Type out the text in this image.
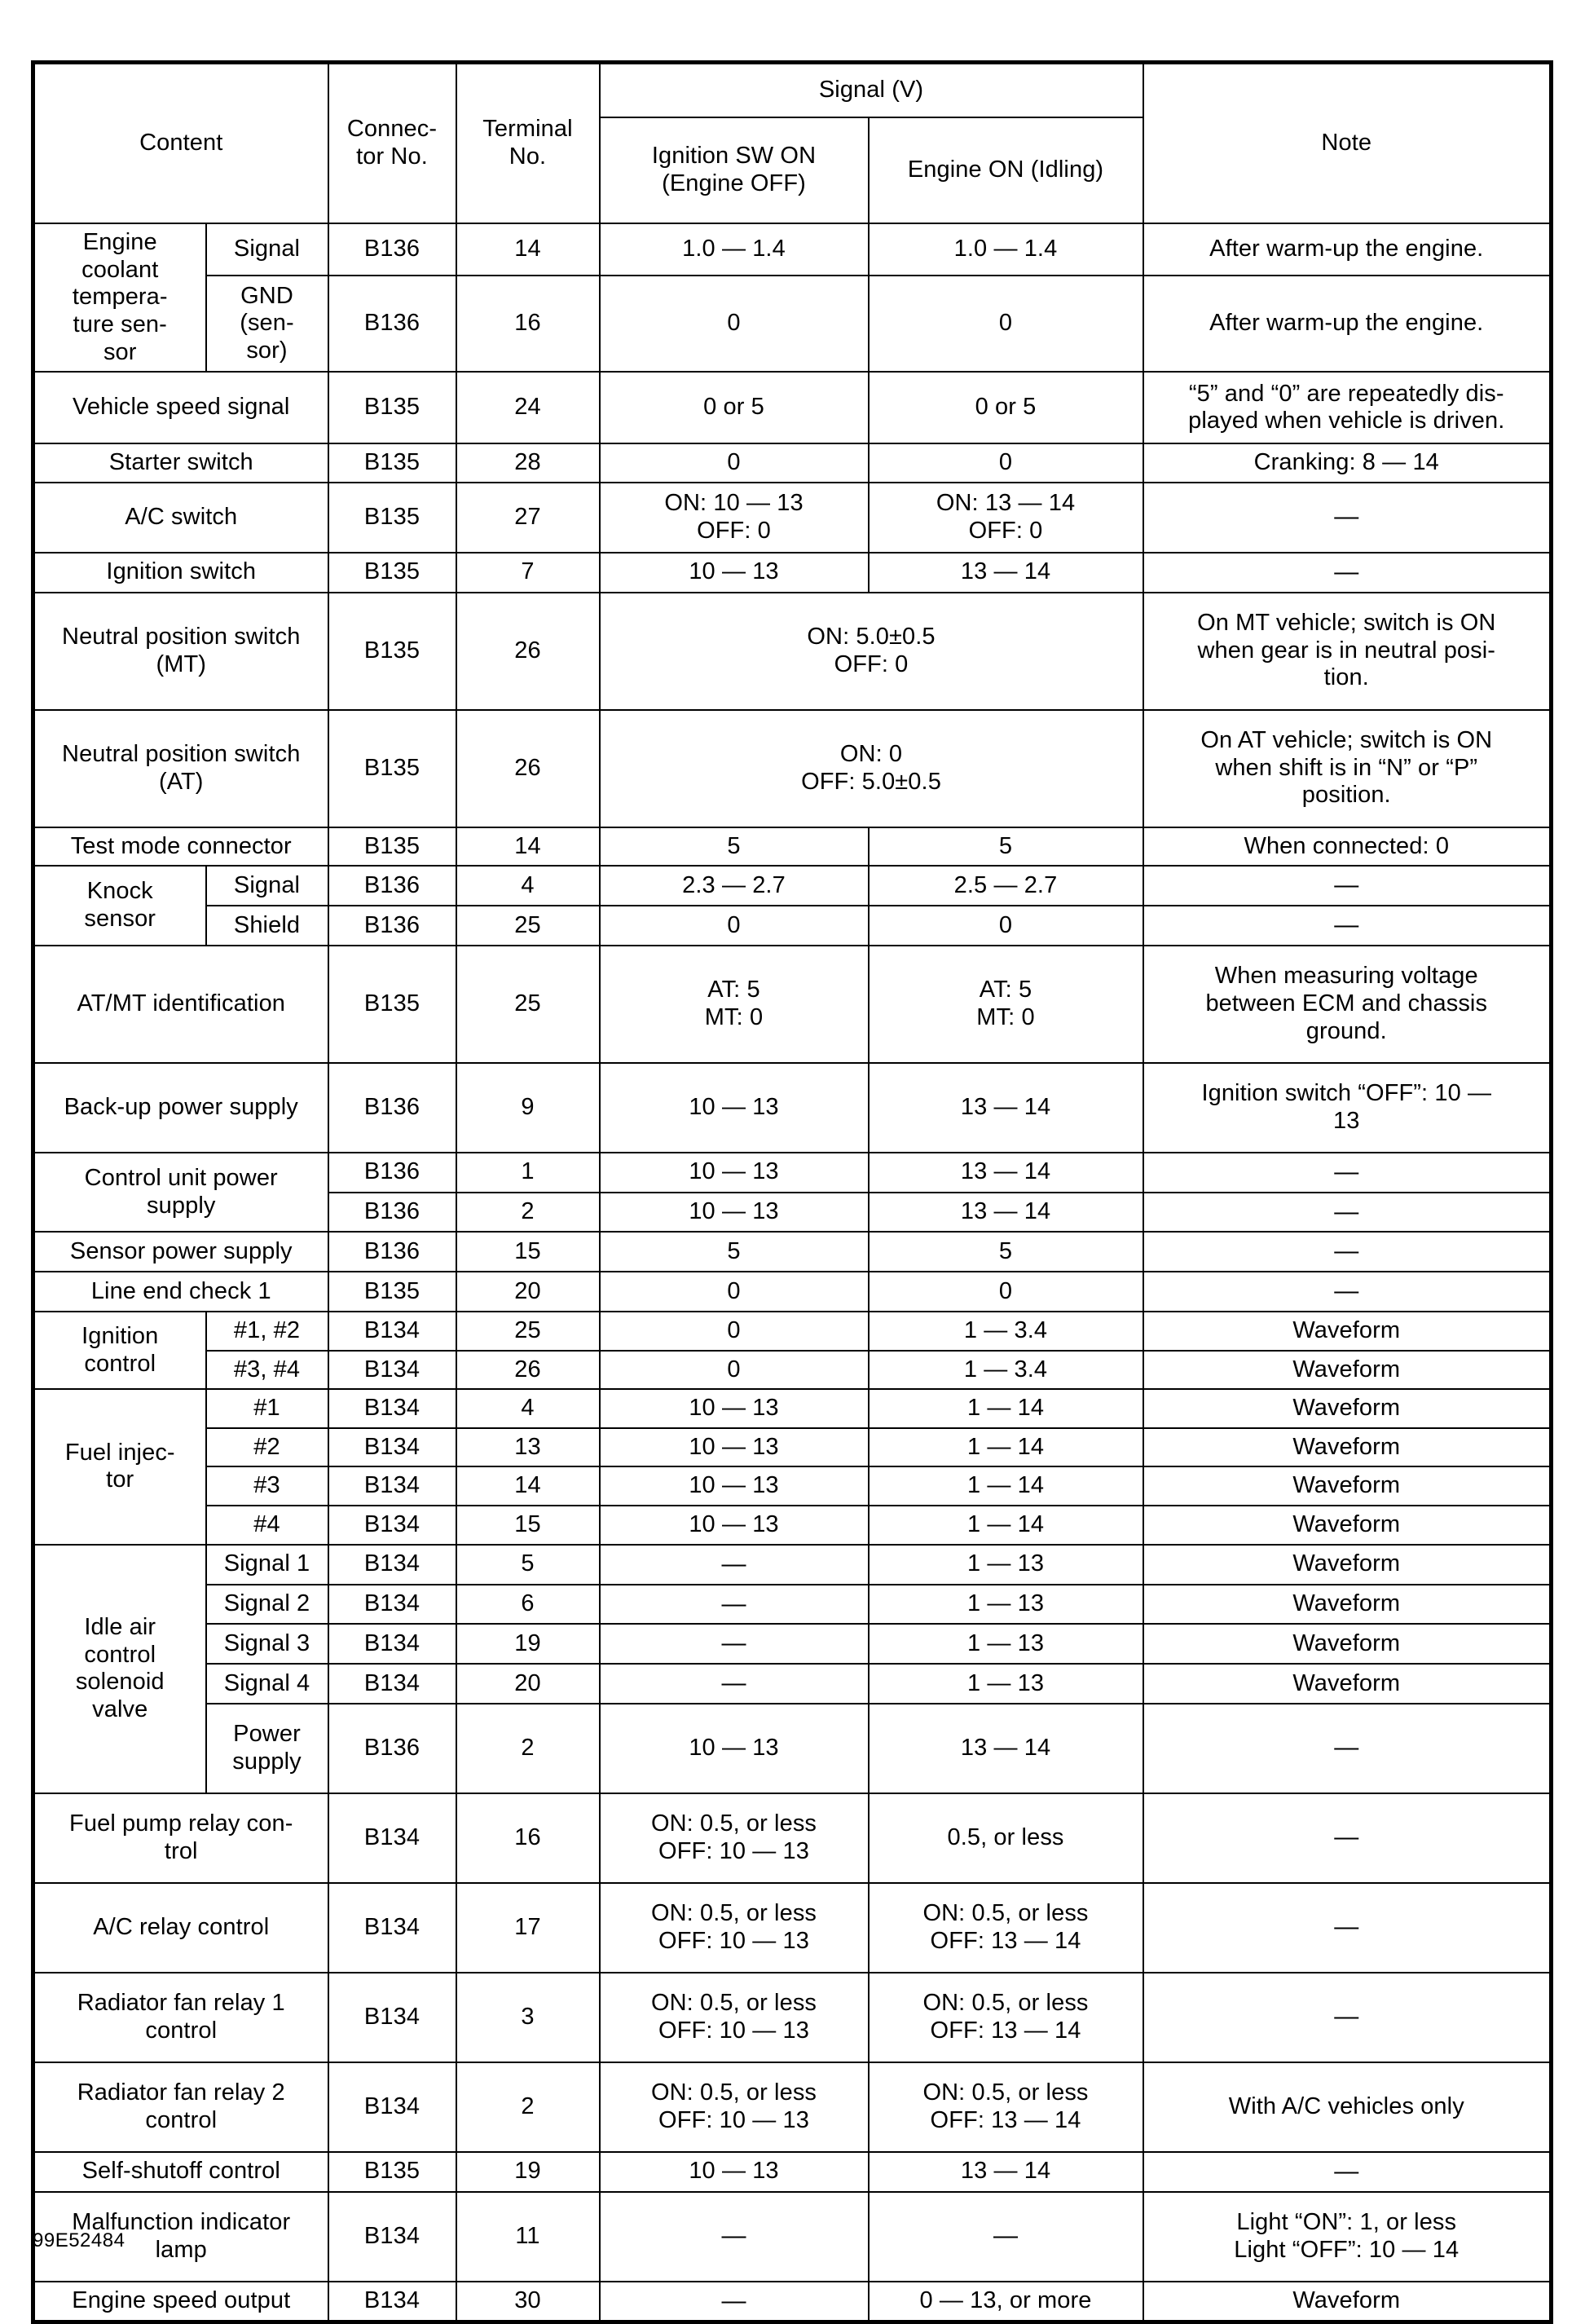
Content		Connec-
tor No.	Terminal
No.	Signal (V)		Note

				Ignition SW ON
(Engine OFF)	Engine ON (Idling)	

Engine
coolant
tempera-
ture sen-
sor	Signal	B136	14	1.0 — 1.4	1.0 — 1.4	After warm-up the engine.

	GND (sen-
sor)	B136	16	0	0	After warm-up the engine.
Vehicle speed signal		B135	24	0 or 5	0 or 5	“5” and “0” are repeatedly dis-
played when vehicle is driven.

Starter switch		B135	28	0	0	Cranking: 8 — 14
A/C switch		B135	27	ON: 10 — 13
OFF: 0	ON: 13 — 14
OFF: 0	—
Ignition switch		B135	7	10 — 13	13 — 14	—

Neutral position switch
(MT)		B135	26	ON: 5.0±0.5
OFF: 0		On MT vehicle; switch is ON
when gear is in neutral posi-
tion.

Neutral position switch
(AT)		B135	26	ON: 0
OFF: 5.0±0.5		On AT vehicle; switch is ON
when shift is in “N” or “P”
position.

Test mode connector		B135	14	5	5	When connected: 0

Knock
sensor	Signal	B136	4	2.3 — 2.7	2.5 — 2.7	—
	Shield	B136	25	0	0	—
AT/MT identification		B135	25	AT: 5
MT: 0	AT: 5
MT: 0	When measuring voltage
between ECM and chassis
ground.

Back-up power supply		B136	9	10 — 13	13 — 14	Ignition switch “OFF”: 10 —
13

Control unit power
supply		B136	1	10 — 13	13 — 14	—
		B136	2	10 — 13	13 — 14	—
Sensor power supply		B136	15	5	5	—
Line end check 1		B135	20	0	0	—

Ignition
control	#1, #2	B134	25	0	1 — 3.4	Waveform
	#3, #4	B134	26	0	1 — 3.4	Waveform

Fuel injec-
tor	#1	B134	4	10 — 13	1 — 14	Waveform
	#2	B134	13	10 — 13	1 — 14	Waveform
	#3	B134	14	10 — 13	1 — 14	Waveform
	#4	B134	15	10 — 13	1 — 14	Waveform

Idle air
control
solenoid
valve	Signal 1	B134	5	—	1 — 13	Waveform
	Signal 2	B134	6	—	1 — 13	Waveform
	Signal 3	B134	19	—	1 — 13	Waveform
	Signal 4	B134	20	—	1 — 13	Waveform

	Power
supply	B136	2	10 — 13	13 — 14	—

Fuel pump relay con-
trol		B134	16	ON: 0.5, or less
OFF: 10 — 13	0.5, or less	—
A/C relay control		B134	17	ON: 0.5, or less
OFF: 10 — 13	ON: 0.5, or less
OFF: 13 — 14	—

Radiator fan relay 1
control		B134	3	ON: 0.5, or less
OFF: 10 — 13	ON: 0.5, or less
OFF: 13 — 14	—

Radiator fan relay 2
control		B134	2	ON: 0.5, or less
OFF: 10 — 13	ON: 0.5, or less
OFF: 13 — 14	With A/C vehicles only
Self-shutoff control		B135	19	10 — 13	13 — 14	—

Malfunction indicator
lamp		B134	11	—	—	Light “ON”: 1, or less
Light “OFF”: 10 — 14

Engine speed output		B134	30	—	0 — 13, or more	Waveform
99E52484
